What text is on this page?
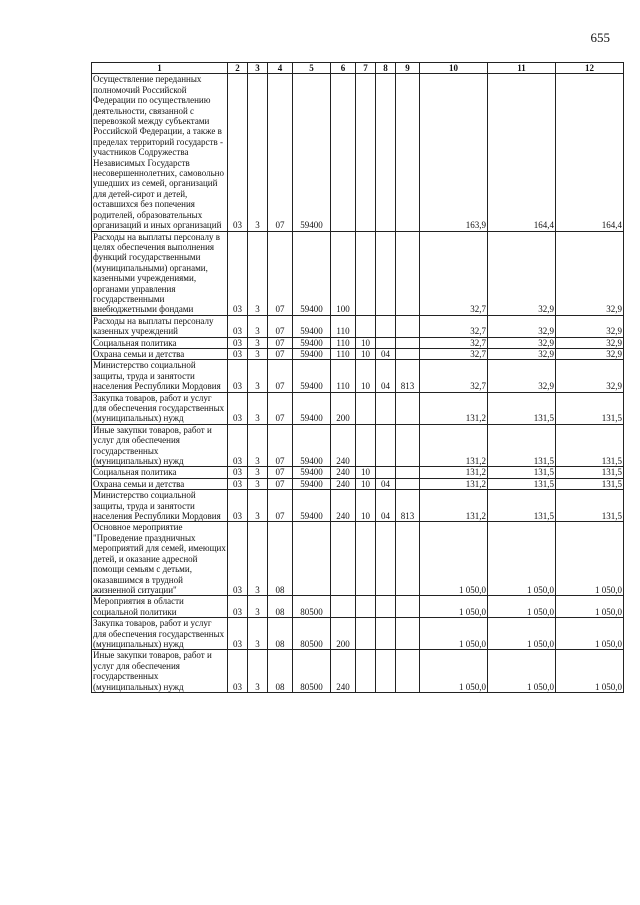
655
1	2	3	4	5	6	7	8	9	10	11	12
Осуществление переданных полномочий Российской Федерации по осуществлению деятельности, связанной с перевозкой между субъектами Российской Федерации, а также в пределах территорий государств - участников Содружества Независимых Государств несовершеннолетних, самовольно ушедших из семей, организаций для детей-сирот и детей, оставшихся без попечения родителей, образовательных организаций и иных организаций	03	3	07	59400					163,9	164,4	164,4
Расходы на выплаты персоналу в целях обеспечения выполнения функций государственными (муниципальными) органами, казенными учреждениями, органами управления государственными внебюджетными фондами	03	3	07	59400	100				32,7	32,9	32,9
Расходы на выплаты персоналу казенных учреждений	03	3	07	59400	110				32,7	32,9	32,9
Социальная политика	03	3	07	59400	110	10			32,7	32,9	32,9
Охрана семьи и детства	03	3	07	59400	110	10	04		32,7	32,9	32,9
Министерство социальной защиты, труда и занятости населения Республики Мордовия	03	3	07	59400	110	10	04	813	32,7	32,9	32,9
Закупка товаров, работ и услуг для обеспечения государственных (муниципальных) нужд	03	3	07	59400	200				131,2	131,5	131,5
Иные закупки товаров, работ и услуг для обеспечения государственных (муниципальных) нужд	03	3	07	59400	240				131,2	131,5	131,5
Социальная политика	03	3	07	59400	240	10			131,2	131,5	131,5
Охрана семьи и детства	03	3	07	59400	240	10	04		131,2	131,5	131,5
Министерство социальной защиты, труда и занятости населения Республики Мордовия	03	3	07	59400	240	10	04	813	131,2	131,5	131,5
Основное мероприятие "Проведение праздничных мероприятий для семей, имеющих детей, и оказание адресной помощи семьям с детьми, оказавшимся в трудной жизненной ситуации"	03	3	08						1 050,0	1 050,0	1 050,0
Мероприятия в области социальной политики	03	3	08	80500					1 050,0	1 050,0	1 050,0
Закупка товаров, работ и услуг для обеспечения государственных (муниципальных) нужд	03	3	08	80500	200				1 050,0	1 050,0	1 050,0
Иные закупки товаров, работ и услуг для обеспечения государственных (муниципальных) нужд	03	3	08	80500	240				1 050,0	1 050,0	1 050,0
